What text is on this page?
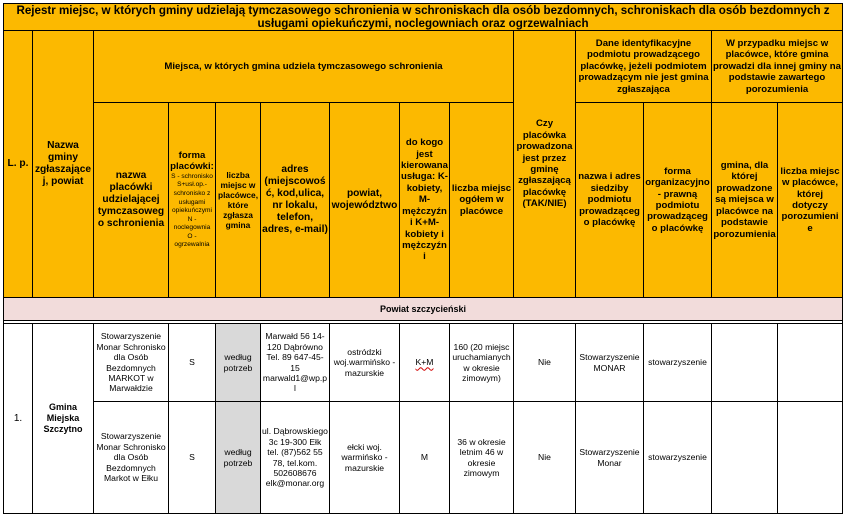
Rejestr miejsc, w których gminy udzielają tymczasowego schronienia w schroniskach dla osób bezdomnych, schroniskach dla osób bezdomnych z usługami opiekuńczymi, noclegowniach oraz ogrzewalniach													
L. p.	Nazwa gminy zgłaszającej, powiat	Miejsca, w których gmina udziela tymczasowego schronienia							Czy placówka prowadzona jest przez gminę zgłaszającą placówkę (TAK/NIE)	Dane identyfikacyjne podmiotu prowadzącego placówkę, jeżeli podmiotem prowadzącym nie jest gmina zgłaszająca		W przypadku miejsc w placówce, które gmina prowadzi dla innej gminy na podstawie zawartego porozumienia	
		nazwa placówki udzielającej tymczasowego schronienia	forma placówki:
S - schronisko
S+usł.op.- schronisko z usługami opiekuńczymi
N - noclegownia
O - ogrzewalnia	liczba miejsc w placówce, które zgłasza gmina	adres (miejscowość, kod,ulica, nr lokalu, telefon, adres, e-mail)	powiat, województwo	do kogo jest kierowana usługa: K- kobiety, M- mężczyźni K+M- kobiety i mężczyźni	liczba miejsc ogółem w placówce		nazwa i adres siedziby podmiotu prowadzącego placówkę	forma organizacyjno - prawną podmiotu prowadzącego placówkę	gmina, dla której prowadzone są miejsca w placówce na podstawie porozumienia	liczba miejsc w placówce, której dotyczy porozumienie
Powiat szczycieński													

1.	Gmina Miejska Szczytno	Stowarzyszenie Monar Schronisko dla Osób Bezdomnych MARKOT w Marwałdzie	S	według potrzeb	Marwałd 56 14-120 Dąbrówno Tel. 89 647-45-15 marwald1@wp.pl	ostródzki woj.warmińsko - mazurskie	K+M	160 (20 miejsc uruchamianych w okresie zimowym)	Nie	Stowarzyszenie MONAR	stowarzyszenie		
		Stowarzyszenie Monar Schronisko dla Osób Bezdomnych Markot w Ełku	S	według potrzeb	ul. Dąbrowskiego 3c 19-300 Ełk tel. (87)562 55 78, tel.kom. 502608676 elk@monar.org	ełcki woj. warmińsko - mazurskie	M	36 w okresie letnim 46 w okresie zimowym	Nie	Stowarzyszenie Monar	stowarzyszenie		
